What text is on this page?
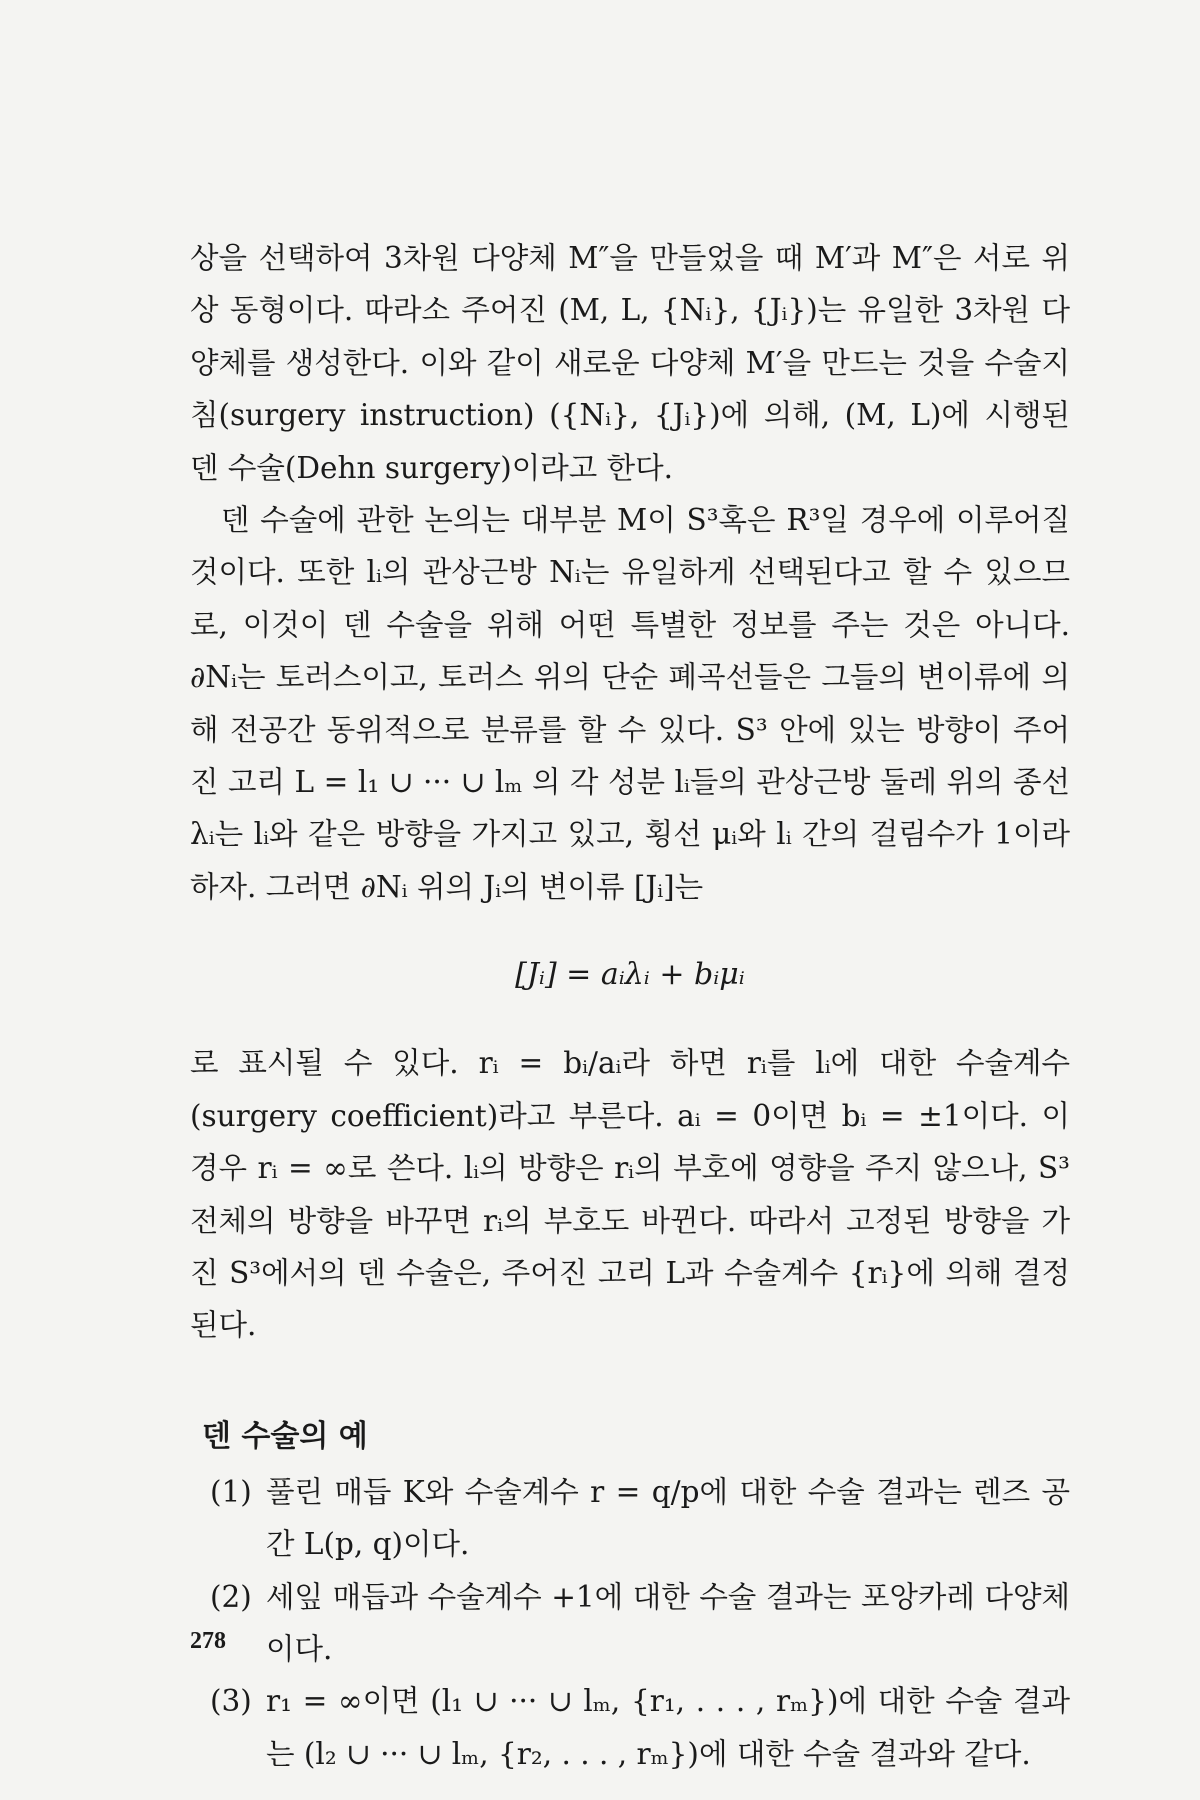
상을 선택하여 3차원 다양체 M″을 만들었을 때 M′과 M″은 서로 위상 동형이다. 따라소 주어진 (M, L, {Nᵢ}, {Jᵢ})는 유일한 3차원 다양체를 생성한다. 이와 같이 새로운 다양체 M′을 만드는 것을 수술지침(surgery instruction) ({Nᵢ}, {Jᵢ})에 의해, (M, L)에 시행된 덴 수술(Dehn surgery)이라고 한다.

덴 수술에 관한 논의는 대부분 M이 S³혹은 R³일 경우에 이루어질 것이다. 또한 lᵢ의 관상근방 Nᵢ는 유일하게 선택된다고 할 수 있으므로, 이것이 덴 수술을 위해 어떤 특별한 정보를 주는 것은 아니다. ∂Nᵢ는 토러스이고, 토러스 위의 단순 폐곡선들은 그들의 변이류에 의해 전공간 동위적으로 분류를 할 수 있다. S³ 안에 있는 방향이 주어진 고리 L = l₁ ∪ ··· ∪ lₘ 의 각 성분 lᵢ들의 관상근방 둘레 위의 종선 λᵢ는 lᵢ와 같은 방향을 가지고 있고, 횡선 μᵢ와 lᵢ 간의 걸림수가 1이라 하자. 그러면 ∂Nᵢ 위의 Jᵢ의 변이류 [Jᵢ]는

[Jᵢ] = aᵢλᵢ + bᵢμᵢ

로 표시될 수 있다. rᵢ = bᵢ/aᵢ라 하면 rᵢ를 lᵢ에 대한 수술계수(surgery coefficient)라고 부른다. aᵢ = 0이면 bᵢ = ±1이다. 이 경우 rᵢ = ∞로 쓴다. lᵢ의 방향은 rᵢ의 부호에 영향을 주지 않으나, S³전체의 방향을 바꾸면 rᵢ의 부호도 바뀐다. 따라서 고정된 방향을 가진 S³에서의 덴 수술은, 주어진 고리 L과 수술계수 {rᵢ}에 의해 결정된다.

덴 수술의 예
(1) 풀린 매듭 K와 수술계수 r = q/p에 대한 수술 결과는 렌즈 공간 L(p, q)이다.
(2) 세잎 매듭과 수술계수 +1에 대한 수술 결과는 포앙카레 다양체이다.
(3) r₁ = ∞이면 (l₁ ∪ ··· ∪ lₘ, {r₁, . . . , rₘ})에 대한 수술 결과는 (l₂ ∪ ··· ∪ lₘ, {r₂, . . . , rₘ})에 대한 수술 결과와 같다.
278
